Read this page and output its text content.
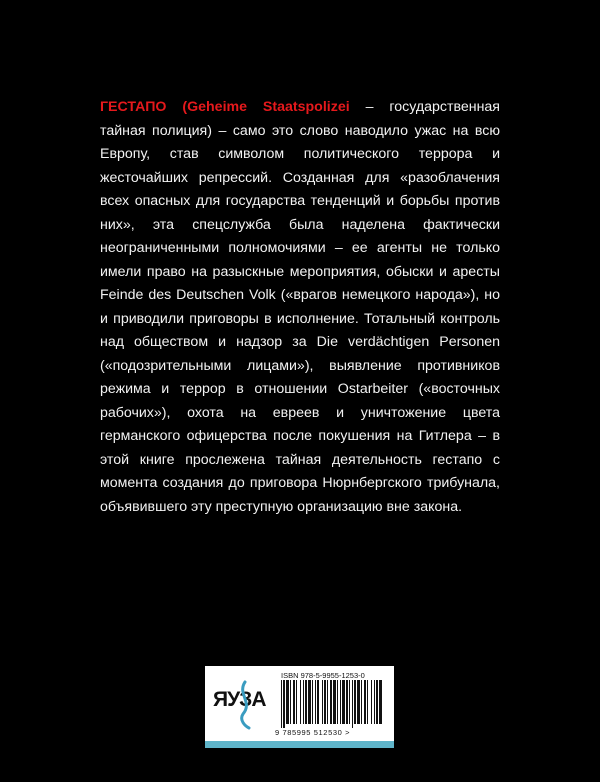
ГЕСТАПО (Geheime Staatspolizei – государственная тайная полиция) – само это слово наводило ужас на всю Европу, став символом политического террора и жесточайших репрессий. Созданная для «разоблачения всех опасных для государства тенденций и борьбы против них», эта спецслужба была наделена фактически неограниченными полномочиями – ее агенты не только имели право на разыскные мероприятия, обыски и аресты Feinde des Deutschen Volk («врагов немецкого народа»), но и приводили приговоры в исполнение. Тотальный контроль над обществом и надзор за Die verdächtigen Personen («подозрительными лицами»), выявление противников режима и террор в отношении Ostarbeiter («восточных рабочих»), охота на евреев и уничтожение цвета германского офицерства после покушения на Гитлера – в этой книге прослежена тайная деятельность гестапо с момента создания до приговора Нюрнбергского трибунала, объявившего эту преступную организацию вне закона.

ЯУЗА
ISBN 978-5-9955-1253-0
9 785995 512530 >
